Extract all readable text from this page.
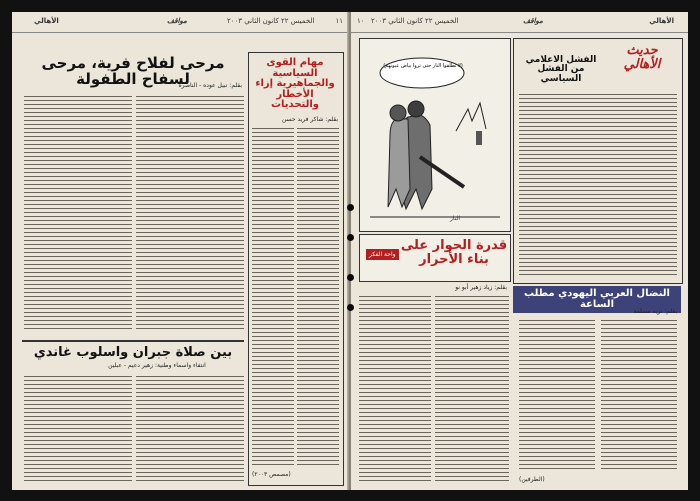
الأهالي	مواقف	الخميس ٢٢ كانون الثاني ٢٠٠٣	١١
مرحى لفلاح فرية، مرحى لسفاح الطفولة
بقلم: نبيل عوده - الناصرة
مهام القوى السياسية والجماهيرية إزاء الأخطار والتحديات
بقلم: شاكر فريد حسن
(مصمص ٢٠٠٣)
بين صلاة جبران واسلوب غاندي
انتفاء واسماء وطنية: زهير دعيم - عبلين
١٠ الخميس ٢٢ كانون الثاني ٢٠٠٣	مواقف	الأهالي
(لا تطلقوا النار حتى تروا بياض عيونهم)
النار
واحة الفكر
قدرة الحوار على بناء الأحرار
بقلم: زياد زهير أبو نو
حديث الأهالي
الفشل الاعلامي من الفشل السياسي
النضال العربي اليهودي مطلب الساعة
بقلم: نزيه مسلمة
(الطرفين)
